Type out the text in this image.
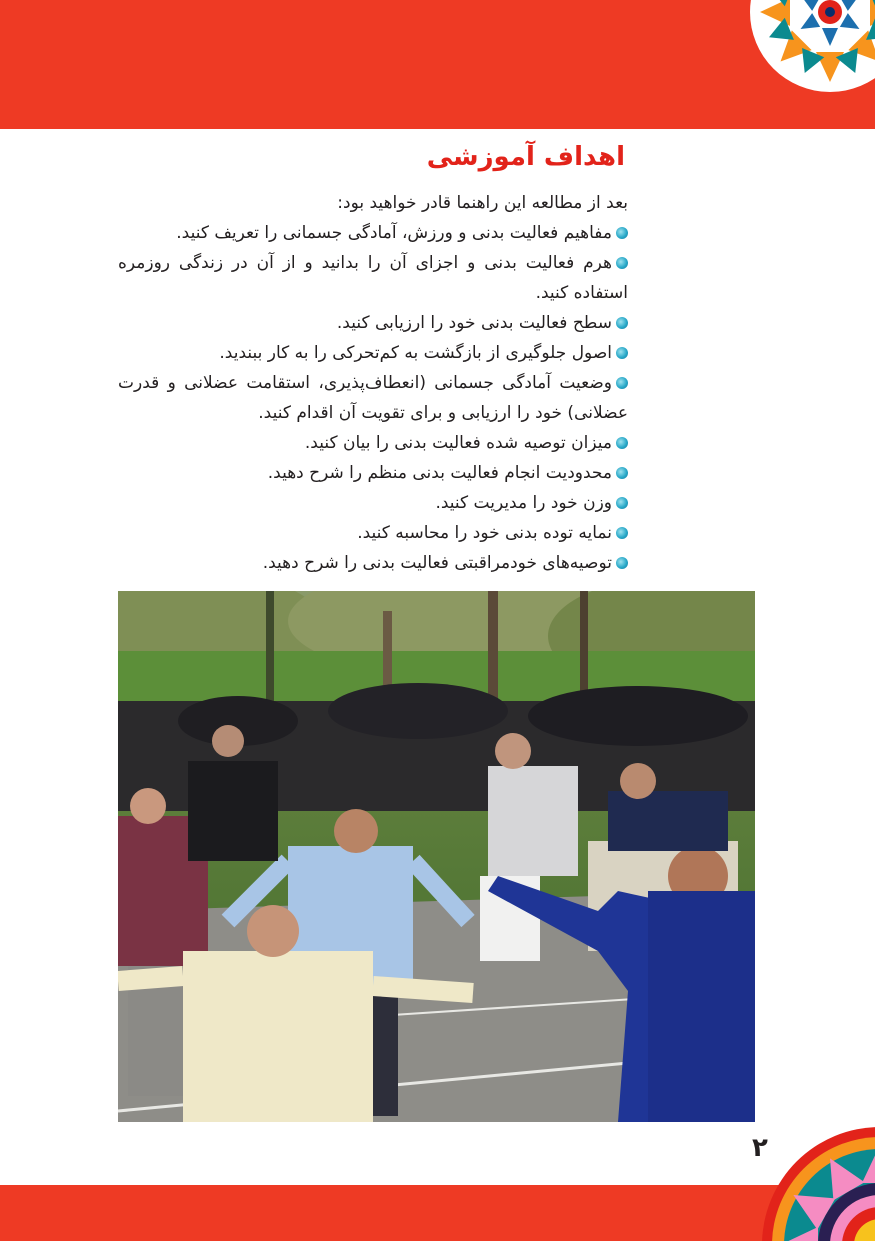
اهداف آموزشی

بعد از مطالعه این راهنما قادر خواهید بود:

مفاهیم فعالیت بدنی و ورزش، آمادگی جسمانی را تعریف کنید.
هرم فعالیت بدنی و اجزای آن را بدانید و از آن در زندگی روزمره استفاده کنید.
سطح فعالیت بدنی خود را ارزیابی کنید.
اصول جلوگیری از بازگشت به کم‌تحرکی را به کار ببندید.
وضعیت آمادگی جسمانی (انعطاف‌پذیری، استقامت عضلانی و قدرت عضلانی) خود را ارزیابی و برای تقویت آن اقدام کنید.
میزان توصیه شده فعالیت بدنی را بیان کنید.
محدودیت انجام فعالیت بدنی منظم را شرح دهید.
وزن خود را مدیریت کنید.
نمایه توده بدنی خود را محاسبه کنید.
توصیه‌های خودمراقبتی فعالیت بدنی را شرح دهید.

۲
